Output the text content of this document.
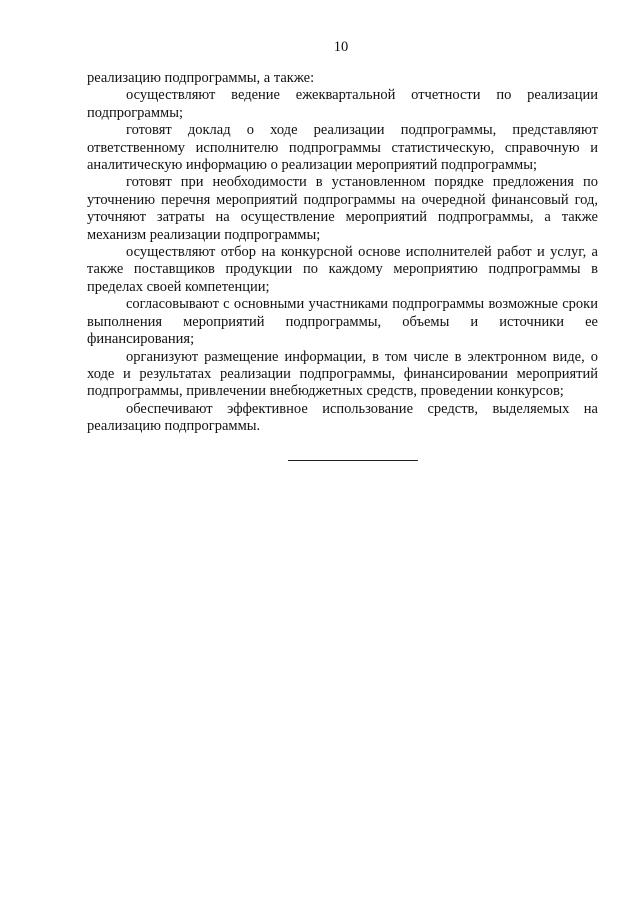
10

реализацию подпрограммы, а также:

осуществляют ведение ежеквартальной отчетности по реализации подпрограммы;

готовят доклад о ходе реализации подпрограммы, представляют ответственному исполнителю подпрограммы статистическую, справочную и аналитическую информацию о реализации мероприятий подпрограммы;

готовят при необходимости в установленном порядке предложения по уточнению перечня мероприятий подпрограммы на очередной финансовый год, уточняют затраты на осуществление мероприятий подпрограммы, а также механизм реализации подпрограммы;

осуществляют отбор на конкурсной основе исполнителей работ и услуг, а также поставщиков продукции по каждому мероприятию подпрограммы в пределах своей компетенции;

согласовывают с основными участниками подпрограммы возможные сроки выполнения мероприятий подпрограммы, объемы и источники ее финансирования;

организуют размещение информации, в том числе в электронном виде, о ходе и результатах реализации подпрограммы, финансировании мероприятий подпрограммы, привлечении внебюджетных средств, проведении конкурсов;

обеспечивают эффективное использование средств, выделяемых на реализацию подпрограммы.
